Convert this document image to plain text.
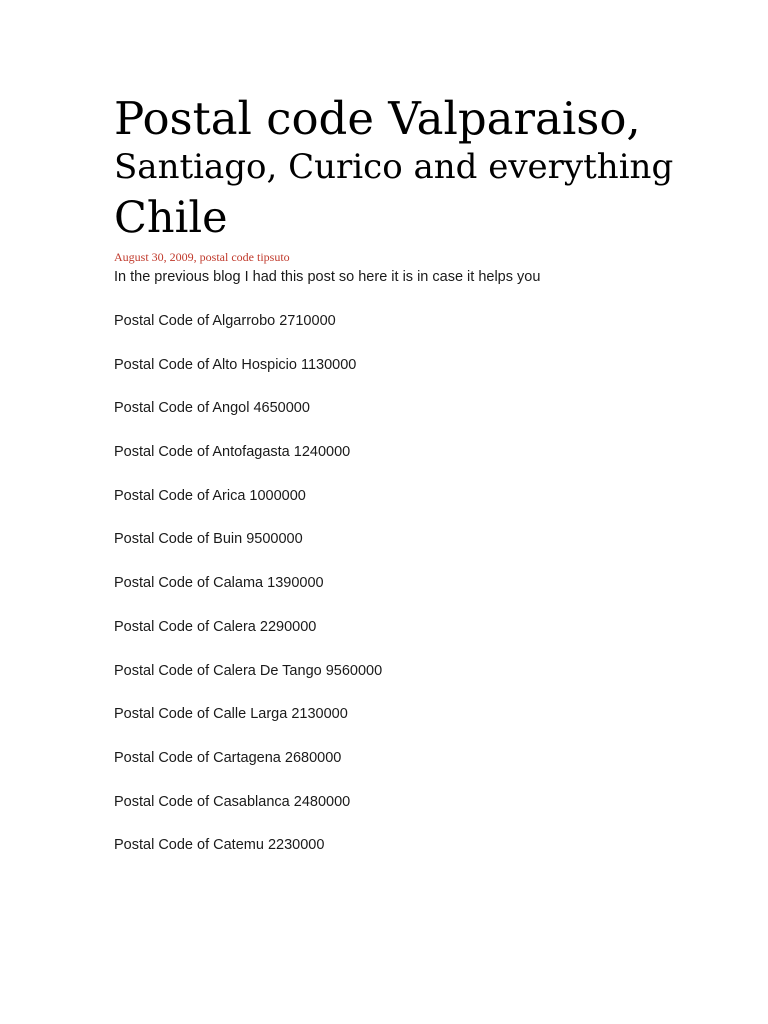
Postal code Valparaiso,
Santiago, Curico and everything
Chile
August 30, 2009, postal code tipsuto

In the previous blog I had this post so here it is in case it helps you

Postal Code of Algarrobo 2710000
Postal Code of Alto Hospicio 1130000
Postal Code of Angol 4650000
Postal Code of Antofagasta 1240000
Postal Code of Arica 1000000
Postal Code of Buin 9500000
Postal Code of Calama 1390000
Postal Code of Calera 2290000
Postal Code of Calera De Tango 9560000
Postal Code of Calle Larga 2130000
Postal Code of Cartagena 2680000
Postal Code of Casablanca 2480000
Postal Code of Catemu 2230000
